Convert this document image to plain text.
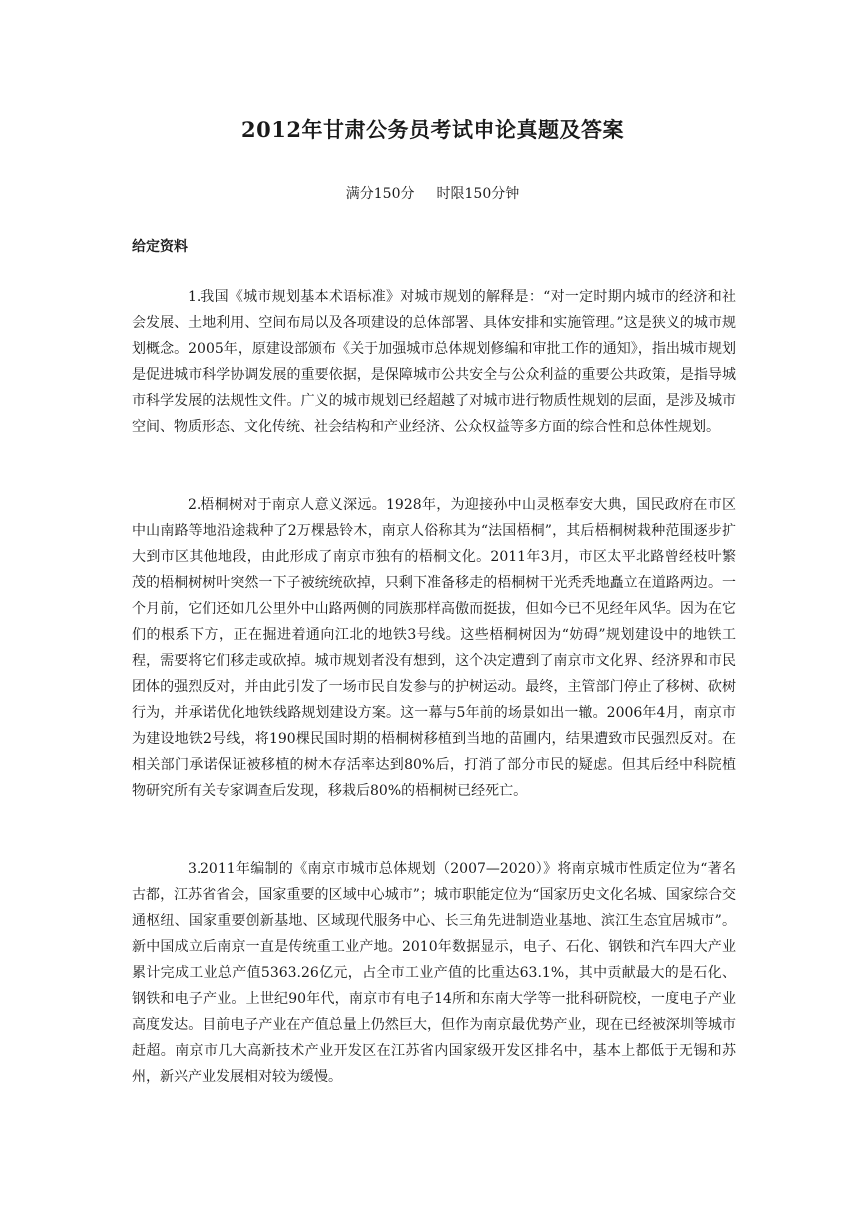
2012年甘肃公务员考试申论真题及答案
满分150分 时限150分钟
给定资料

1.我国《城市规划基本术语标准》对城市规划的解释是：“对一定时期内城市的经济和社会发展、土地利用、空间布局以及各项建设的总体部署、具体安排和实施管理。”这是狭义的城市规划概念。2005年，原建设部颁布《关于加强城市总体规划修编和审批工作的通知》，指出城市规划是促进城市科学协调发展的重要依据，是保障城市公共安全与公众利益的重要公共政策，是指导城市科学发展的法规性文件。广义的城市规划已经超越了对城市进行物质性规划的层面，是涉及城市空间、物质形态、文化传统、社会结构和产业经济、公众权益等多方面的综合性和总体性规划。

2.梧桐树对于南京人意义深远。1928年，为迎接孙中山灵柩奉安大典，国民政府在市区中山南路等地沿途栽种了2万棵悬铃木，南京人俗称其为“法国梧桐”，其后梧桐树栽种范围逐步扩大到市区其他地段，由此形成了南京市独有的梧桐文化。2011年3月，市区太平北路曾经枝叶繁茂的梧桐树树叶突然一下子被统统砍掉，只剩下准备移走的梧桐树干光秃秃地矗立在道路两边。一个月前，它们还如几公里外中山路两侧的同族那样高傲而挺拔，但如今已不见经年风华。因为在它们的根系下方，正在掘进着通向江北的地铁3号线。这些梧桐树因为“妨碍”规划建设中的地铁工程，需要将它们移走或砍掉。城市规划者没有想到，这个决定遭到了南京市文化界、经济界和市民团体的强烈反对，并由此引发了一场市民自发参与的护树运动。最终，主管部门停止了移树、砍树行为，并承诺优化地铁线路规划建设方案。这一幕与5年前的场景如出一辙。2006年4月，南京市为建设地铁2号线，将190棵民国时期的梧桐树移植到当地的苗圃内，结果遭致市民强烈反对。在相关部门承诺保证被移植的树木存活率达到80%后，打消了部分市民的疑虑。但其后经中科院植物研究所有关专家调查后发现，移栽后80%的梧桐树已经死亡。

3.2011年编制的《南京市城市总体规划（2007—2020）》将南京城市性质定位为“著名古都，江苏省省会，国家重要的区域中心城市”；城市职能定位为“国家历史文化名城、国家综合交通枢纽、国家重要创新基地、区域现代服务中心、长三角先进制造业基地、滨江生态宜居城市”。新中国成立后南京一直是传统重工业产地。2010年数据显示，电子、石化、钢铁和汽车四大产业累计完成工业总产值5363.26亿元，占全市工业产值的比重达63.1%，其中贡献最大的是石化、钢铁和电子产业。上世纪90年代，南京市有电子14所和东南大学等一批科研院校，一度电子产业高度发达。目前电子产业在产值总量上仍然巨大，但作为南京最优势产业，现在已经被深圳等城市赶超。南京市几大高新技术产业开发区在江苏省内国家级开发区排名中，基本上都低于无锡和苏州，新兴产业发展相对较为缓慢。
